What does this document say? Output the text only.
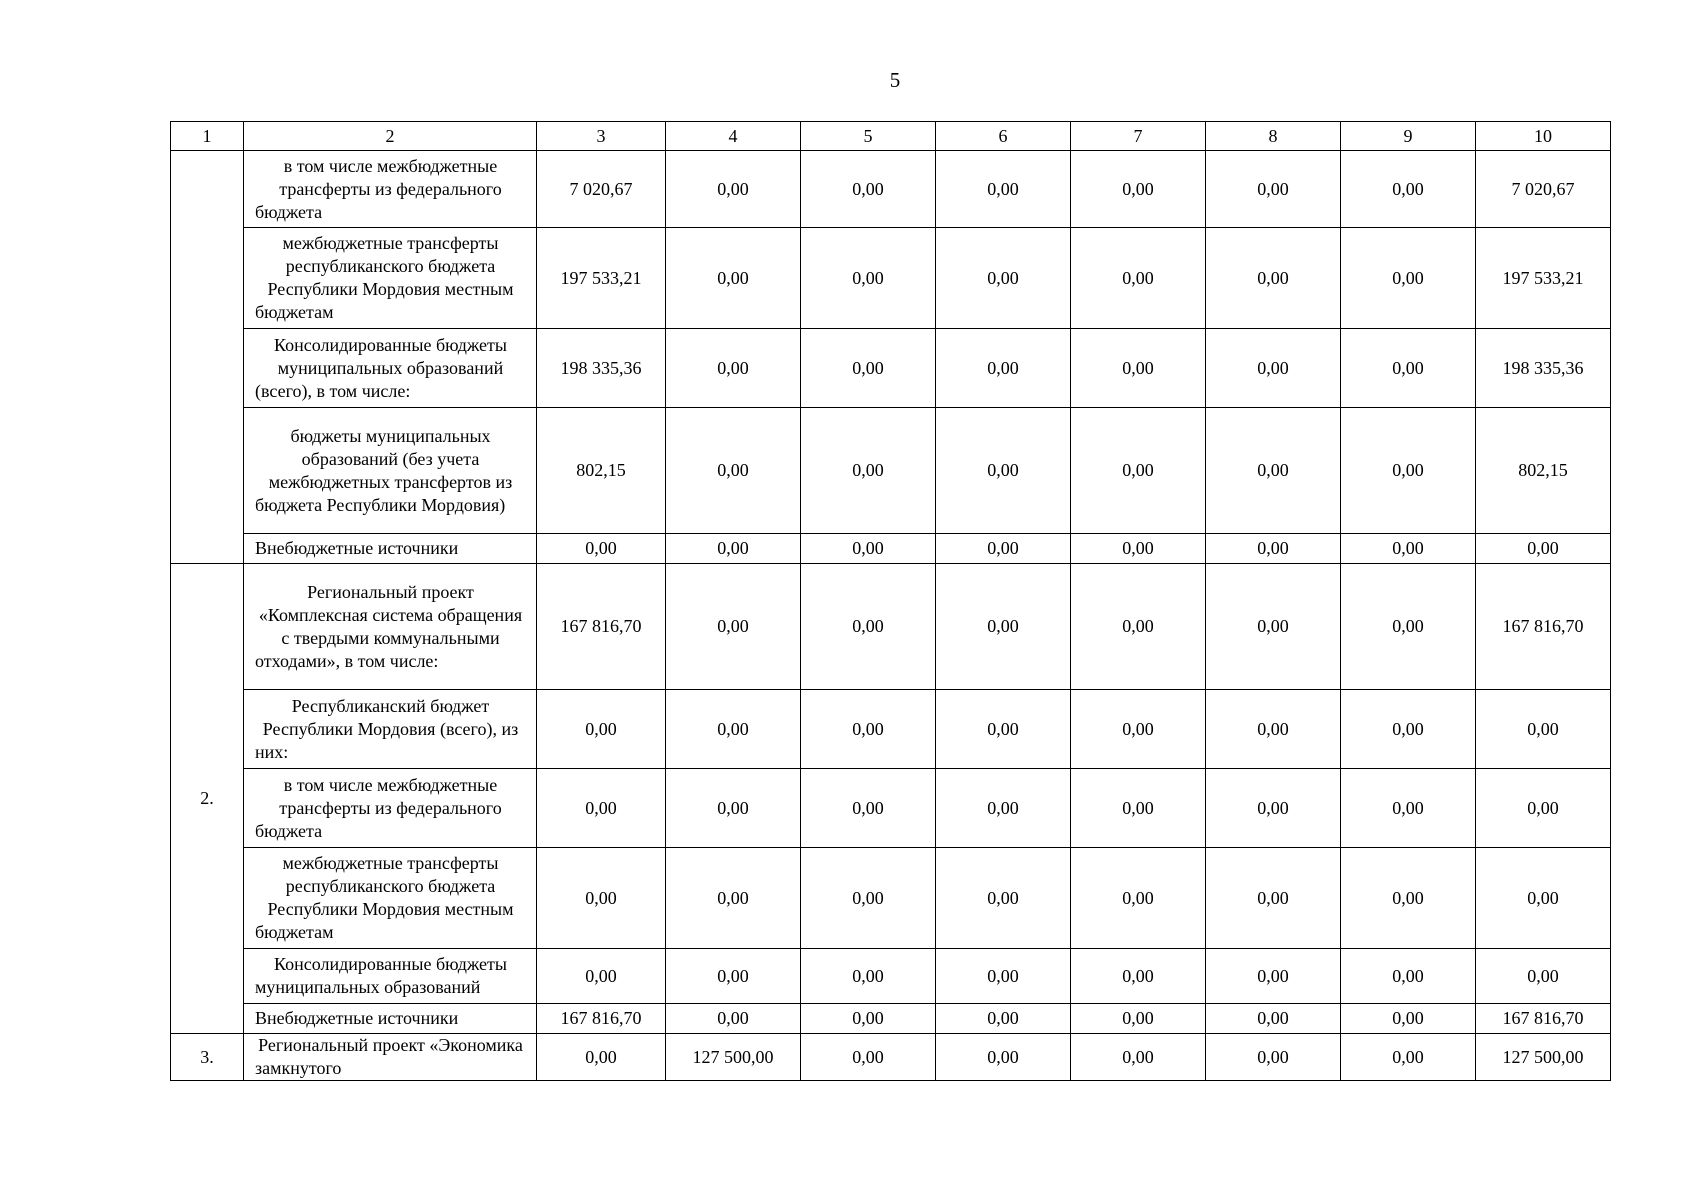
5
1	2	3	4	5	6	7	8	9	10
	в том числе межбюджетные трансферты из федерального бюджета	7 020,67	0,00	0,00	0,00	0,00	0,00	0,00	7 020,67
	межбюджетные трансферты республиканского бюджета Республики Мордовия местным бюджетам	197 533,21	0,00	0,00	0,00	0,00	0,00	0,00	197 533,21
	Консолидированные бюджеты муниципальных образований (всего), в том числе:	198 335,36	0,00	0,00	0,00	0,00	0,00	0,00	198 335,36
	бюджеты муниципальных образований (без учета межбюджетных трансфертов из бюджета Республики Мордовия)	802,15	0,00	0,00	0,00	0,00	0,00	0,00	802,15
	Внебюджетные источники	0,00	0,00	0,00	0,00	0,00	0,00	0,00	0,00
2.	Региональный проект «Комплексная система обращения с твердыми коммунальными отходами», в том числе:	167 816,70	0,00	0,00	0,00	0,00	0,00	0,00	167 816,70
	Республиканский бюджет Республики Мордовия (всего), из них:	0,00	0,00	0,00	0,00	0,00	0,00	0,00	0,00
	в том числе межбюджетные трансферты из федерального бюджета	0,00	0,00	0,00	0,00	0,00	0,00	0,00	0,00
	межбюджетные трансферты республиканского бюджета Республики Мордовия местным бюджетам	0,00	0,00	0,00	0,00	0,00	0,00	0,00	0,00
	Консолидированные бюджеты муниципальных образований	0,00	0,00	0,00	0,00	0,00	0,00	0,00	0,00
	Внебюджетные источники	167 816,70	0,00	0,00	0,00	0,00	0,00	0,00	167 816,70
3.	Региональный проект «Экономика замкнутого	0,00	127 500,00	0,00	0,00	0,00	0,00	0,00	127 500,00
